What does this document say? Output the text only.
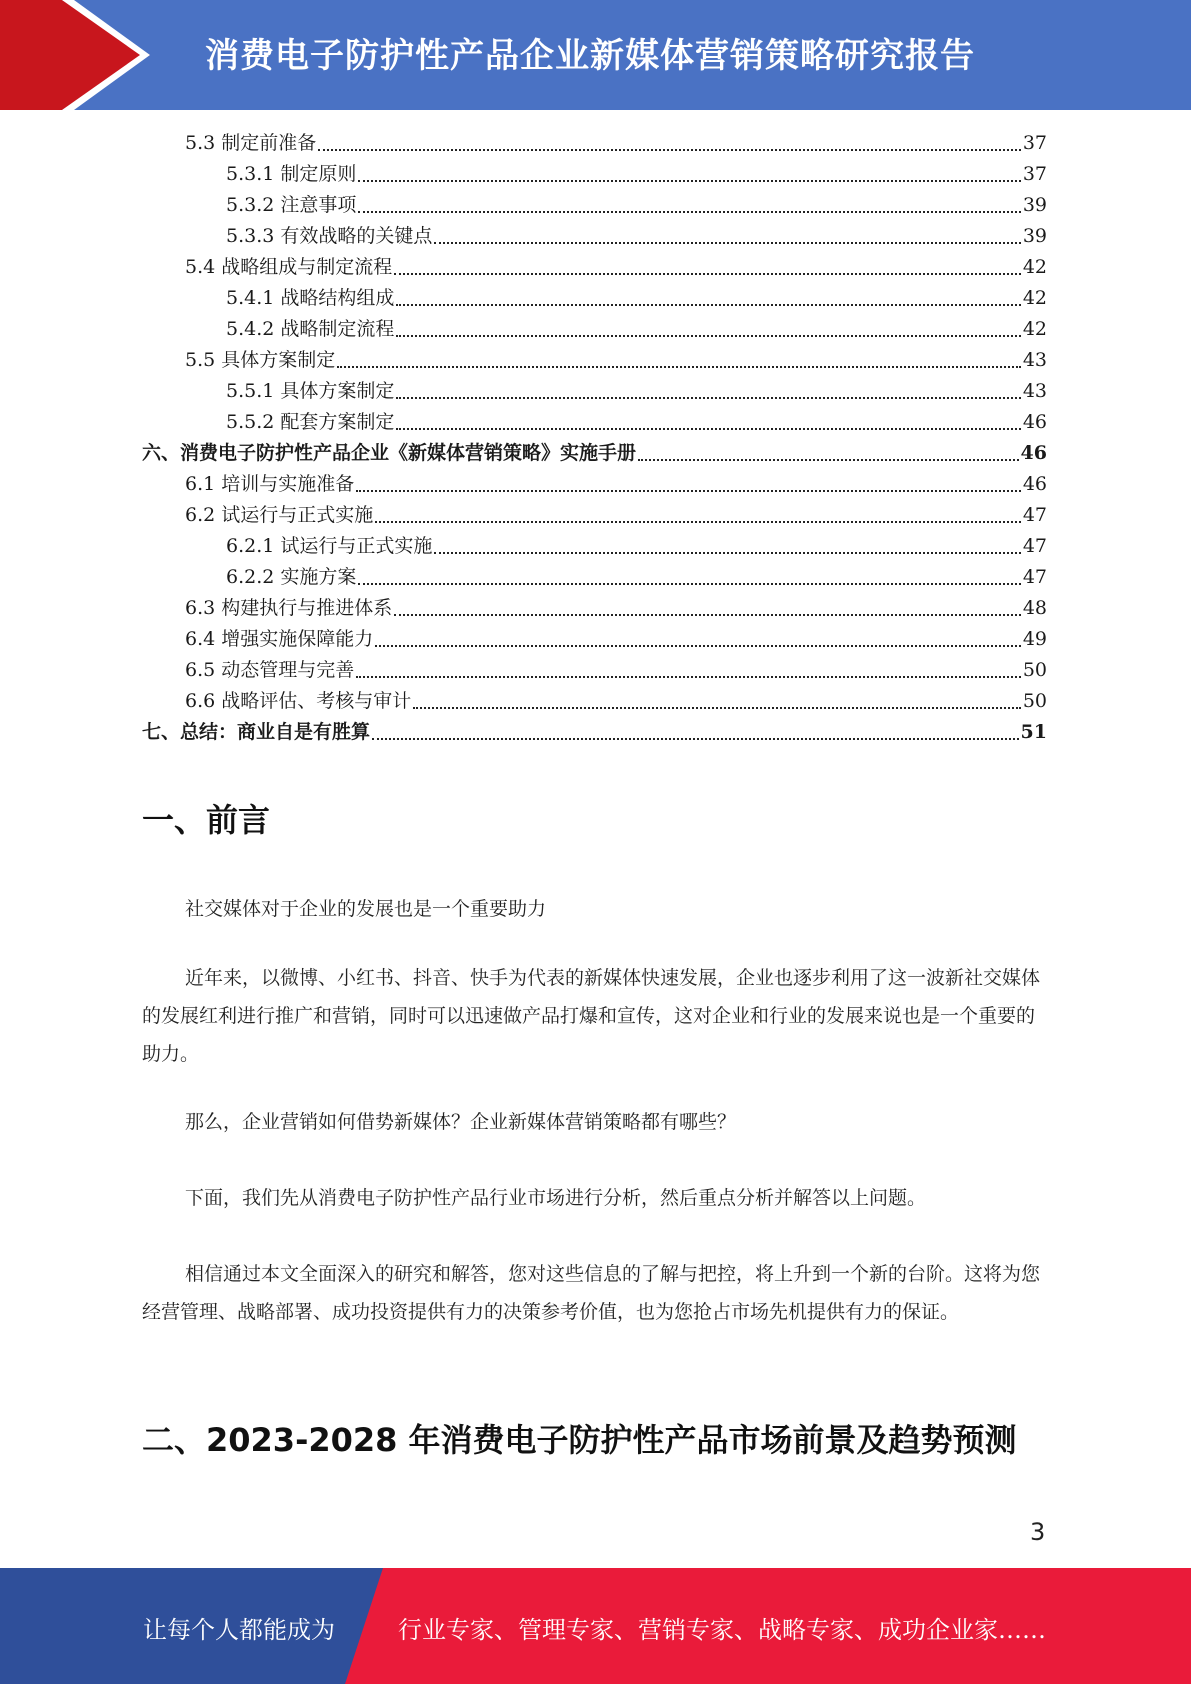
消费电子防护性产品企业新媒体营销策略研究报告
5.3 制定前准备	37
5.3.1 制定原则	37
5.3.2 注意事项	39
5.3.3 有效战略的关键点	39
5.4 战略组成与制定流程	42
5.4.1 战略结构组成	42
5.4.2 战略制定流程	42
5.5 具体方案制定	43
5.5.1 具体方案制定	43
5.5.2 配套方案制定	46
六、消费电子防护性产品企业《新媒体营销策略》实施手册	46
6.1 培训与实施准备	46
6.2 试运行与正式实施	47
6.2.1 试运行与正式实施	47
6.2.2 实施方案	47
6.3 构建执行与推进体系	48
6.4 增强实施保障能力	49
6.5 动态管理与完善	50
6.6 战略评估、考核与审计	50
七、总结：商业自是有胜算	51
一、前言

社交媒体对于企业的发展也是一个重要助力

近年来，以微博、小红书、抖音、快手为代表的新媒体快速发展，企业也逐步利用了这一波新社交媒体的发展红利进行推广和营销，同时可以迅速做产品打爆和宣传，这对企业和行业的发展来说也是一个重要的助力。

那么，企业营销如何借势新媒体？企业新媒体营销策略都有哪些？

下面，我们先从消费电子防护性产品行业市场进行分析，然后重点分析并解答以上问题。

相信通过本文全面深入的研究和解答，您对这些信息的了解与把控，将上升到一个新的台阶。这将为您经营管理、战略部署、成功投资提供有力的决策参考价值，也为您抢占市场先机提供有力的保证。

二、2023-2028 年消费电子防护性产品市场前景及趋势预测
3
让每个人都能成为	行业专家、管理专家、营销专家、战略专家、成功企业家……
